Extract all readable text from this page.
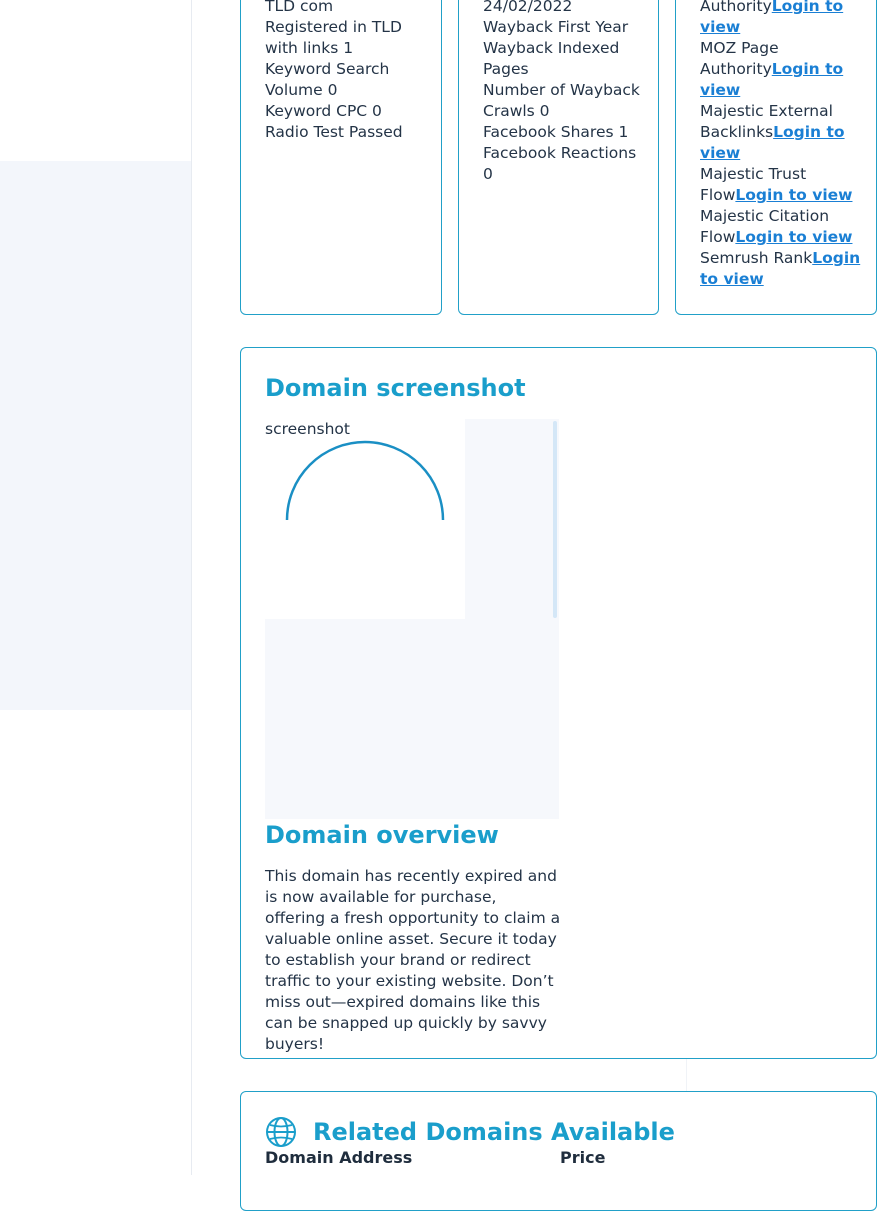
TLD com
Registered in TLD
with links 1
Keyword Search
Volume 0
Keyword CPC 0
Radio Test Passed
24/02/2022
Wayback First Year
Wayback Indexed
Pages
Number of Wayback
Crawls 0
Facebook Shares 1
Facebook Reactions
0
AuthorityLogin to
view
MOZ Page
AuthorityLogin to
view
Majestic External
BacklinksLogin to
view
Majestic Trust
FlowLogin to view
Majestic Citation
FlowLogin to view
Semrush RankLogin
to view
Domain screenshot
screenshot
Domain overview
This domain has recently expired and is now available for purchase, offering a fresh opportunity to claim a valuable online asset. Secure it today to establish your brand or redirect traffic to your existing website. Don’t miss out—expired domains like this can be snapped up quickly by savvy buyers!
Related Domains Available
Domain Address	Price
